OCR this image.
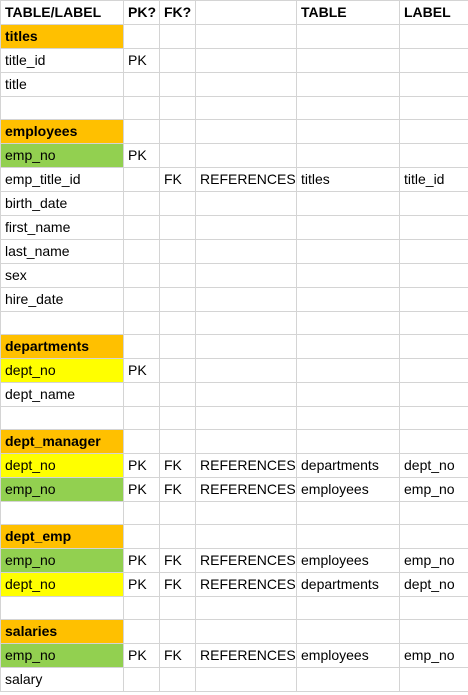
TABLE/LABEL	PK?	FK?		TABLE	LABEL
titles					
title_id	PK				
title					

employees					
emp_no	PK				
emp_title_id		FK	REFERENCES	titles	title_id
birth_date					
first_name					
last_name					
sex					
hire_date					

departments					
dept_no	PK				
dept_name					

dept_manager					
dept_no	PK	FK	REFERENCES	departments	dept_no
emp_no	PK	FK	REFERENCES	employees	emp_no

dept_emp					
emp_no	PK	FK	REFERENCES	employees	emp_no
dept_no	PK	FK	REFERENCES	departments	dept_no

salaries					
emp_no	PK	FK	REFERENCES	employees	emp_no
salary					
